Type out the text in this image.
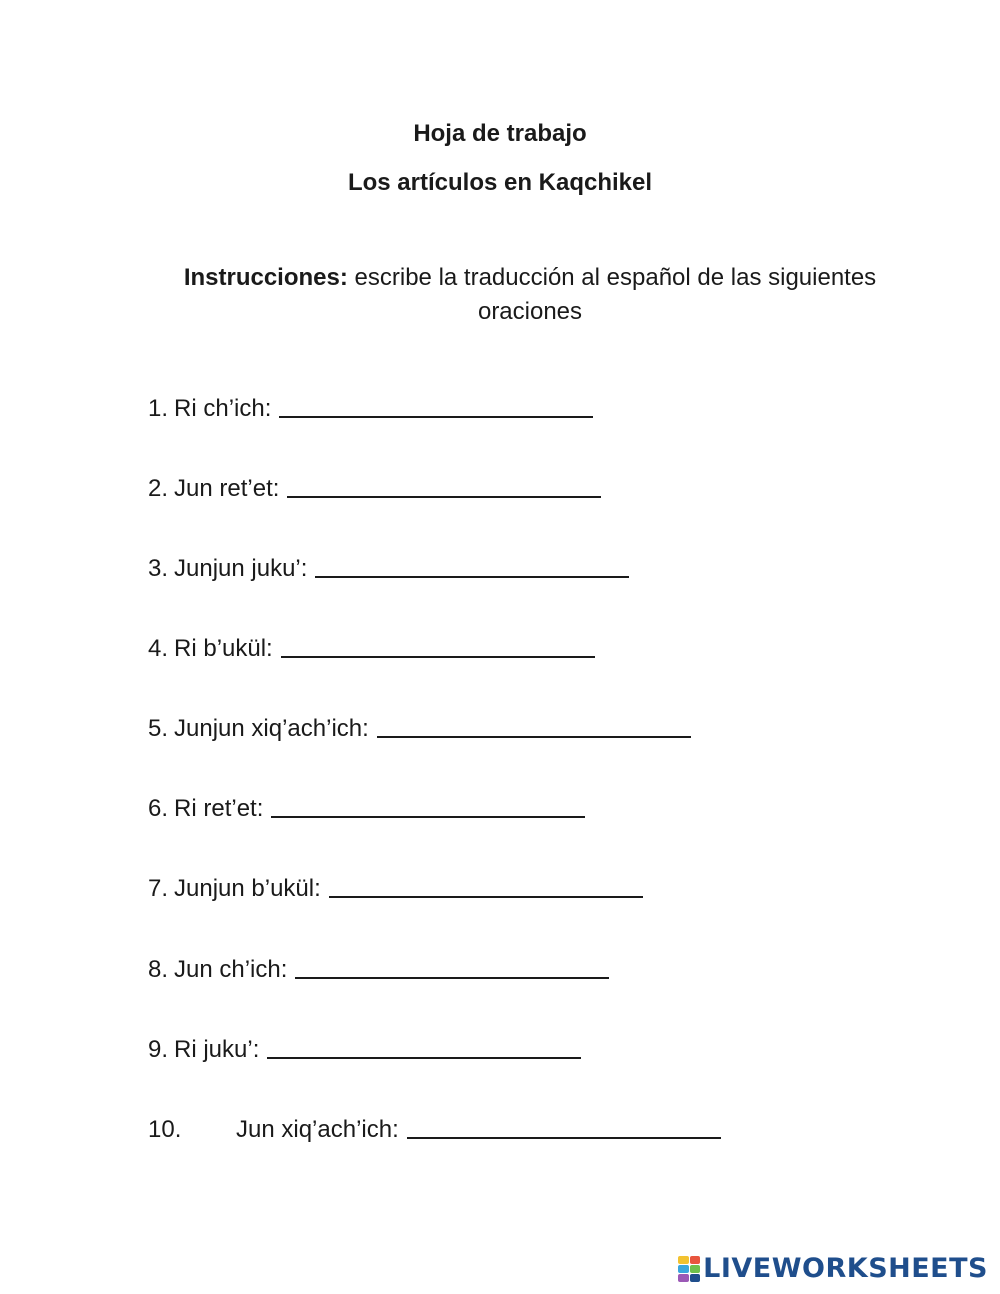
Hoja de trabajo
Los artículos en Kaqchikel

Instrucciones: escribe la traducción al español de las siguientes oraciones

1. Ri ch’ich:
2. Jun ret’et:
3. Junjun juku’:
4. Ri b’ukül:
5. Junjun xiq’ach’ich:
6. Ri ret’et:
7. Junjun b’ukül:
8. Jun ch’ich:
9. Ri juku’:
10.	Jun xiq’ach’ich:
LIVEWORKSHEETS
